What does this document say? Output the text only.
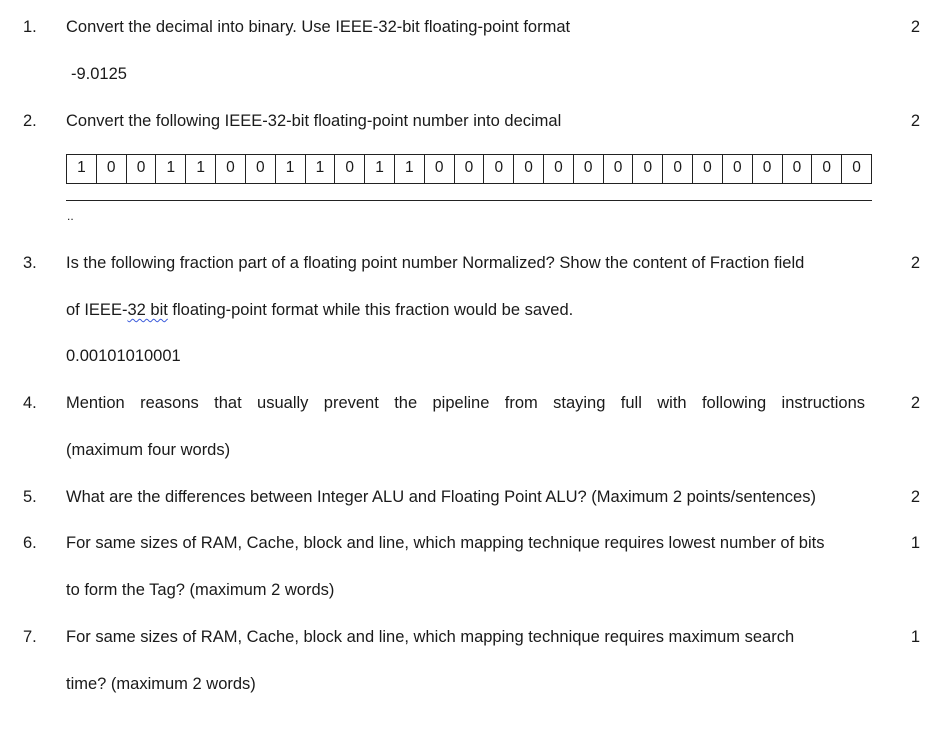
1. Convert the decimal into binary. Use IEEE-32-bit floating-point format	2
-9.0125
2. Convert the following IEEE-32-bit floating-point number into decimal	2
1	0	0	1	1	0	0	1	1	0	1	1	0	0	0	0	0	0	0	0	0	0	0	0	0	0	0
..
3. Is the following fraction part of a floating point number Normalized? Show the content of Fraction field	2
of IEEE-32 bit floating-point format while this fraction would be saved.
0.00101010001
4. Mention reasons that usually prevent the pipeline from staying full with following instructions	2
(maximum four words)
5. What are the differences between Integer ALU and Floating Point ALU? (Maximum 2 points/sentences)	2
6. For same sizes of RAM, Cache, block and line, which mapping technique requires lowest number of bits	1
to form the Tag? (maximum 2 words)
7. For same sizes of RAM, Cache, block and line, which mapping technique requires maximum search	1
time? (maximum 2 words)
